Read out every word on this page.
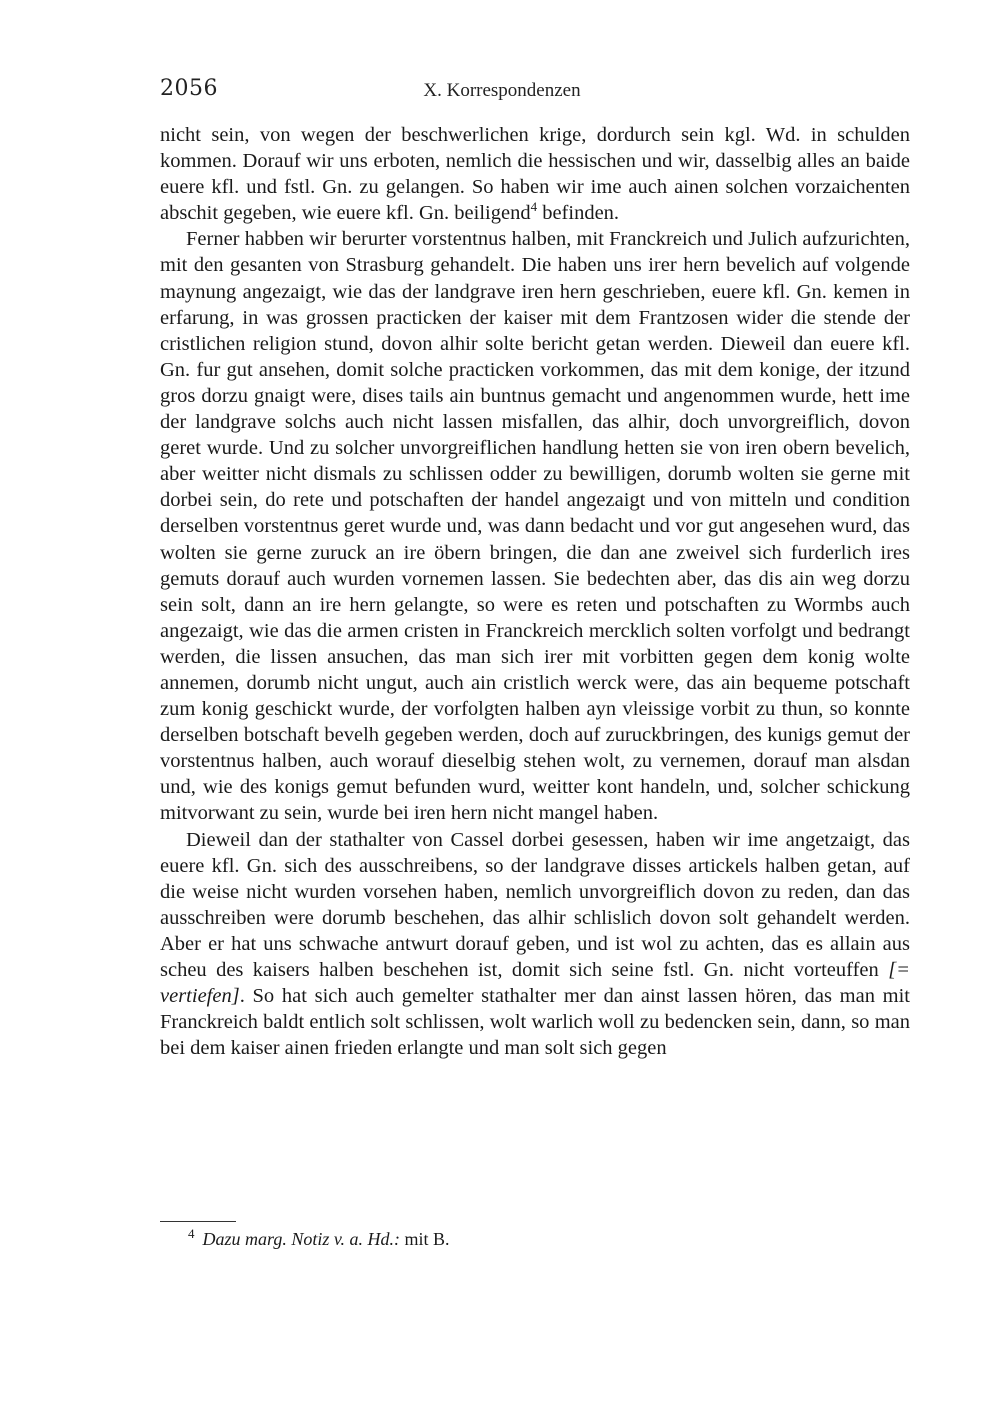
2056	X. Korrespondenzen

nicht sein, von wegen der beschwerlichen krige, dordurch sein kgl. Wd. in schulden kommen. Dorauf wir uns erboten, nemlich die hessischen und wir, dasselbig alles an baide euere kfl. und fstl. Gn. zu gelangen. So haben wir ime auch ainen solchen vorzaichenten abschit gegeben, wie euere kfl. Gn. beiligend$^4$ befinden.

Ferner habben wir berurter vorstentnus halben, mit Franckreich und Julich aufzurichten, mit den gesanten von Strasburg gehandelt. Die haben uns irer hern bevelich auf volgende maynung angezaigt, wie das der landgrave iren hern geschrieben, euere kfl. Gn. kemen in erfarung, in was grossen practicken der kaiser mit dem Frantzosen wider die stende der cristlichen religion stund, dovon alhir solte bericht getan werden. Dieweil dan euere kfl. Gn. fur gut ansehen, domit solche practicken vorkommen, das mit dem konige, der itzund gros dorzu gnaigt were, dises tails ain buntnus gemacht und angenommen wurde, hett ime der landgrave solchs auch nicht lassen misfallen, das alhir, doch unvorgreiflich, dovon geret wurde. Und zu solcher unvorgreiflichen handlung hetten sie von iren obern bevelich, aber weitter nicht dismals zu schlissen odder zu bewilligen, dorumb wolten sie gerne mit dorbei sein, do rete und potschaften der handel angezaigt und von mitteln und condition derselben vorstentnus geret wurde und, was dann bedacht und vor gut angesehen wurd, das wolten sie gerne zuruck an ire öbern bringen, die dan ane zweivel sich furderlich ires gemuts dorauf auch wurden vornemen lassen. Sie bedechten aber, das dis ain weg dorzu sein solt, dann an ire hern gelangte, so were es reten und potschaften zu Wormbs auch angezaigt, wie das die armen cristen in Franckreich mercklich solten vorfolgt und bedrangt werden, die lissen ansuchen, das man sich irer mit vorbitten gegen dem konig wolte annemen, dorumb nicht ungut, auch ain cristlich werck were, das ain bequeme potschaft zum konig geschickt wurde, der vorfolgten halben ayn vleissige vorbit zu thun, so konnte derselben botschaft bevelh gegeben werden, doch auf zuruckbringen, des kunigs gemut der vorstentnus halben, auch worauf dieselbig stehen wolt, zu vernemen, dorauf man alsdan und, wie des konigs gemut befunden wurd, weitter kont handeln, und, solcher schickung mitvorwant zu sein, wurde bei iren hern nicht mangel haben.

Dieweil dan der stathalter von Cassel dorbei gesessen, haben wir ime angetzaigt, das euere kfl. Gn. sich des ausschreibens, so der landgrave disses artickels halben getan, auf die weise nicht wurden vorsehen haben, nemlich unvorgreiflich dovon zu reden, dan das ausschreiben were dorumb beschehen, das alhir schlislich dovon solt gehandelt werden. Aber er hat uns schwache antwurt dorauf geben, und ist wol zu achten, das es allain aus scheu des kaisers halben beschehen ist, domit sich seine fstl. Gn. nicht vorteuffen [= vertiefen]. So hat sich auch gemelter stathalter mer dan ainst lassen hören, das man mit Franckreich baldt entlich solt schlissen, wolt warlich woll zu bedencken sein, dann, so man bei dem kaiser ainen frieden erlangte und man solt sich gegen

$^4$ Dazu marg. Notiz v. a. Hd.: mit B.
